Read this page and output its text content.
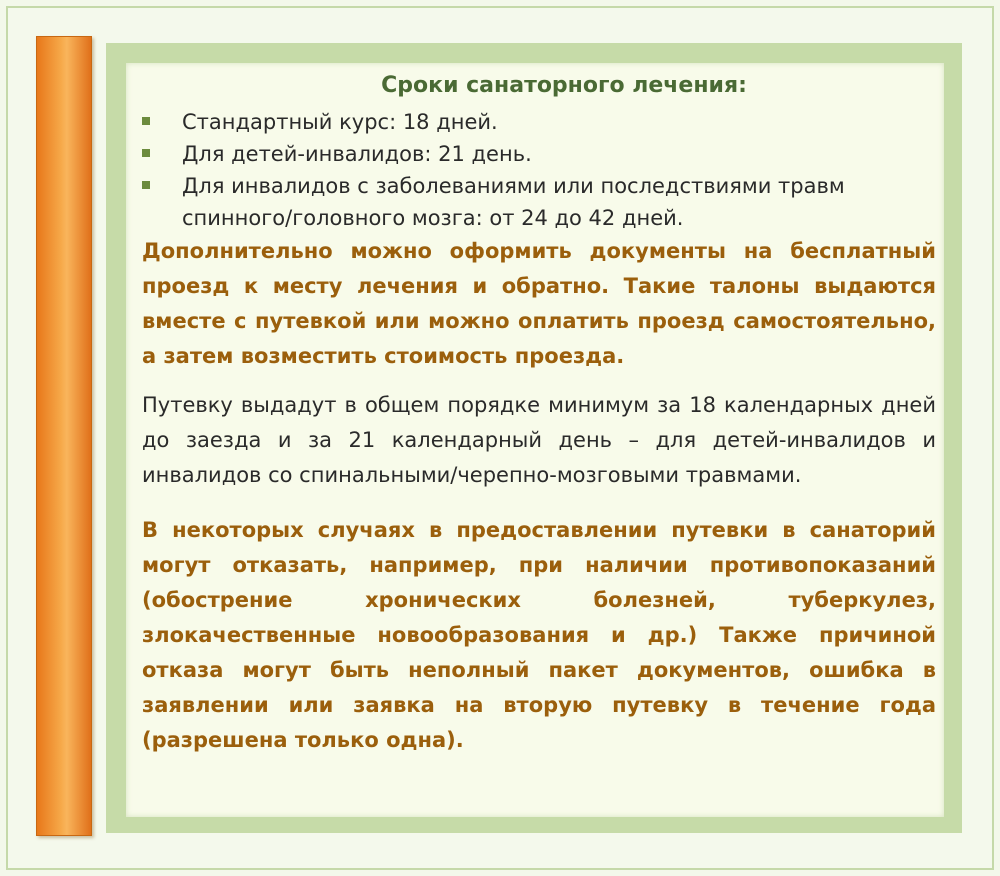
Сроки санаторного лечения:
Стандартный курс: 18 дней.
Для детей-инвалидов: 21 день.
Для инвалидов с заболеваниями или последствиями травм спинного/головного мозга: от 24 до 42 дней.

Дополнительно можно оформить документы на бесплатный проезд к месту лечения и обратно. Такие талоны выдаются вместе с путевкой или можно оплатить проезд самостоятельно, а затем возместить стоимость проезда.

Путевку выдадут в общем порядке минимум за 18 календарных дней до заезда и за 21 календарный день – для детей-инвалидов и инвалидов со спинальными/черепно-мозговыми травмами.

В некоторых случаях в предоставлении путевки в санаторий могут отказать, например, при наличии противопоказаний (обострение хронических болезней, туберкулез, злокачественные новообразования и др.) Также причиной отказа могут быть неполный пакет документов, ошибка в заявлении или заявка на вторую путевку в течение года (разрешена только одна).
